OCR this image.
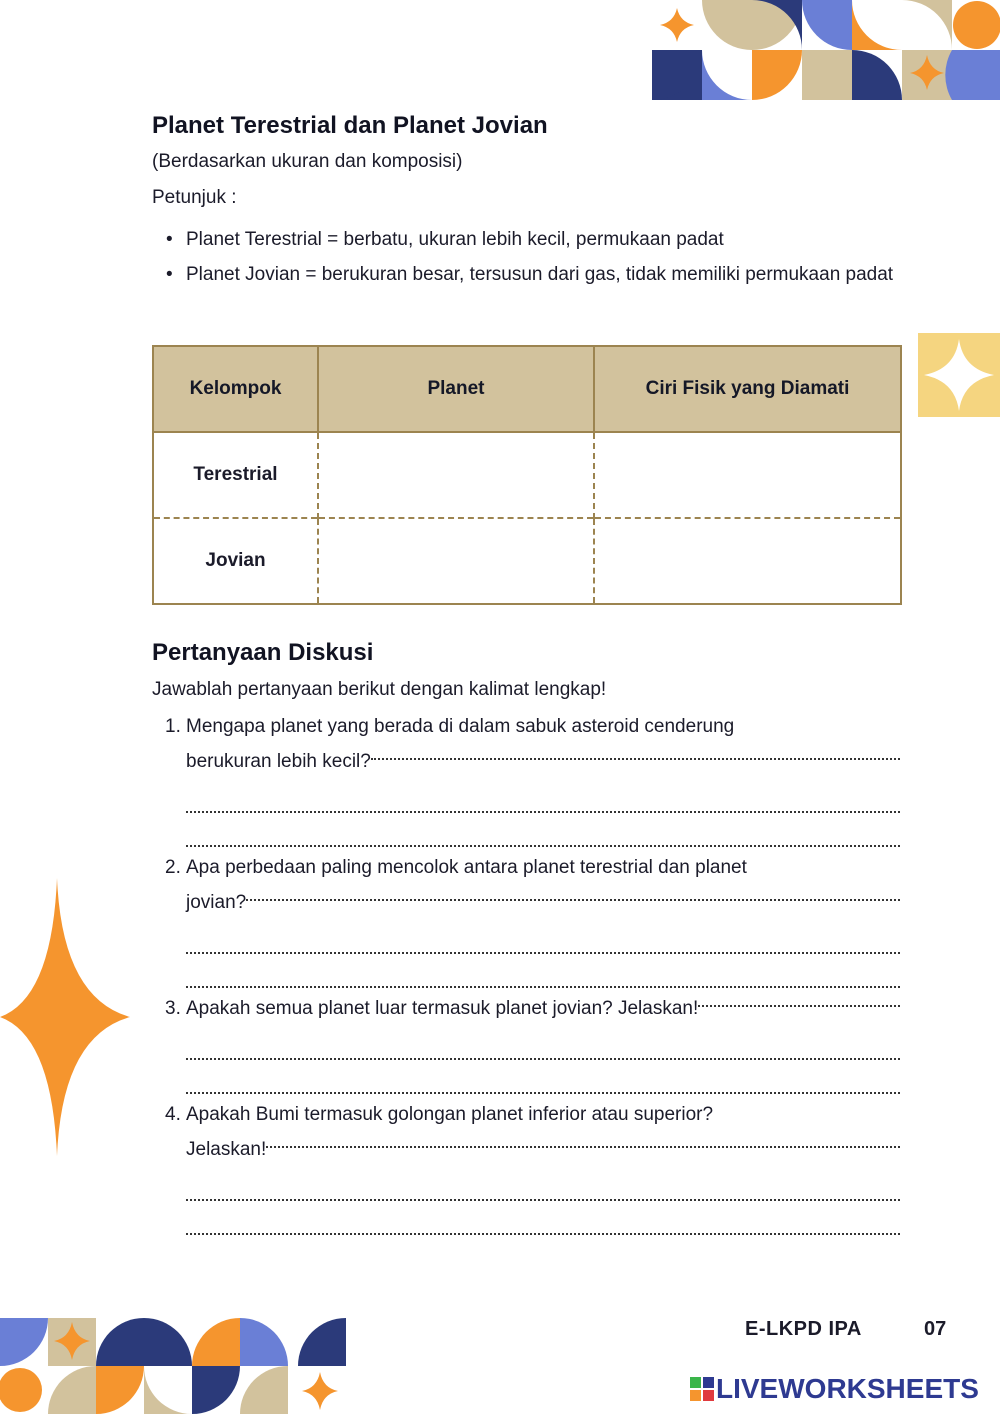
Planet Terestrial dan Planet Jovian
(Berdasarkan ukuran dan komposisi)
Petunjuk :
• Planet Terestrial = berbatu, ukuran lebih kecil, permukaan padat
• Planet Jovian = berukuran besar, tersusun dari gas, tidak memiliki permukaan padat
Kelompok	Planet	Ciri Fisik yang Diamati
Terestrial		
Jovian		
Pertanyaan Diskusi
Jawablah pertanyaan berikut dengan kalimat lengkap!
1. Mengapa planet yang berada di dalam sabuk asteroid cenderung
berukuran lebih kecil?
2. Apa perbedaan paling mencolok antara planet terestrial dan planet
jovian?
3. Apakah semua planet luar termasuk planet jovian? Jelaskan!
4. Apakah Bumi termasuk golongan planet inferior atau superior?
Jelaskan!
E-LKPD IPA	07
LIVEWORKSHEETS
